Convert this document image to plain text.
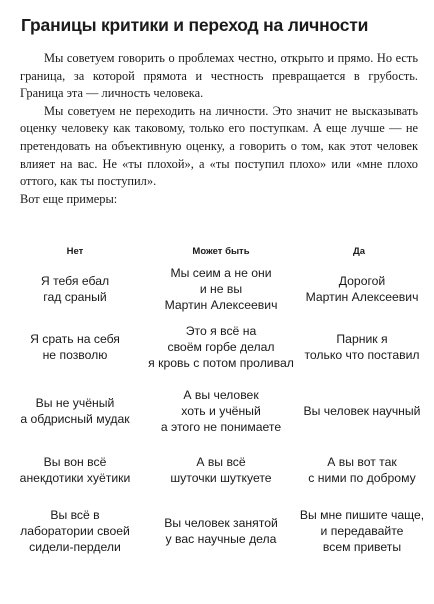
Границы критики и переход на личности

Мы советуем говорить о проблемах честно, открыто и прямо. Но есть граница, за которой прямота и честность превращается в грубость. Граница эта — личность человека.

Мы советуем не переходить на личности. Это значит не высказывать оценку человеку как таковому, только его поступкам. А еще лучше — не претендовать на объективную оценку, а говорить о том, как этот человек влияет на вас. Не «ты плохой», а «ты поступил плохо» или «мне плохо оттого, как ты поступил».

Вот еще примеры:

Нет	Может быть	Да
Я тебя ебал
гад сраный
Мы сеим а не они
и не вы
Мартин Алексеевич
Дорогой
Мартин Алексеевич
Я срать на себя
не позволю
Это я всё на
своём горбе делал
я кровь с потом проливал
Парник я
только что поставил
Вы не учёный
а обдрисный мудак
А вы человек
хоть и учёный
а этого не понимаете
Вы человек научный
Вы вон всё
анекдотики хуётики
А вы всё
шуточки шуткуете
А вы вот так
с ними по доброму
Вы всё в
лаборатории своей
сидели-пердели
Вы человек занятой
у вас научные дела
Вы мне пишите чаще,
и передавайте
всем приветы
